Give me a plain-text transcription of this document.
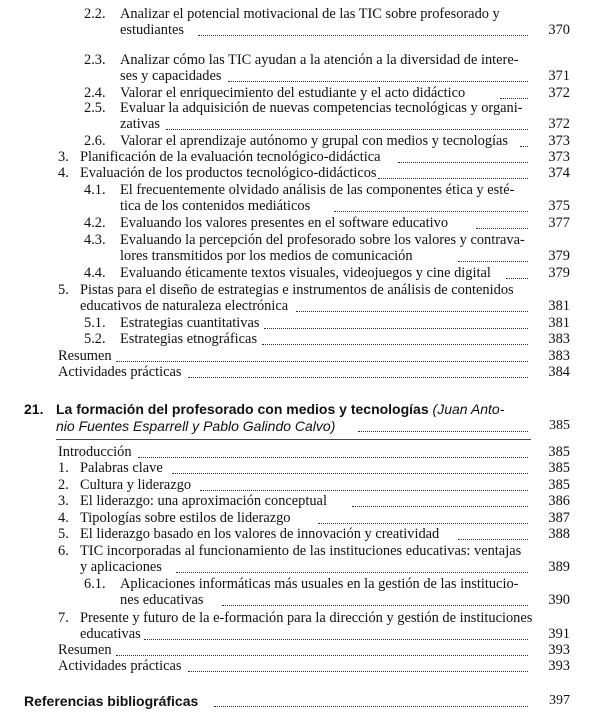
2.2. Analizar el potencial motivacional de las TIC sobre profesorado y
estudiantes	370
2.3. Analizar cómo las TIC ayudan a la atención a la diversidad de intere-
ses y capacidades	371
2.4. Valorar el enriquecimiento del estudiante y el acto didáctico	372
2.5. Evaluar la adquisición de nuevas competencias tecnológicas y organi-
zativas	372
2.6. Valorar el aprendizaje autónomo y grupal con medios y tecnologías	373
3. Planificación de la evaluación tecnológico-didáctica	373
4. Evaluación de los productos tecnológico-didácticos	374
4.1. El frecuentemente olvidado análisis de las componentes ética y esté-
tica de los contenidos mediáticos	375
4.2. Evaluando los valores presentes en el software educativo	377
4.3. Evaluando la percepción del profesorado sobre los valores y contrava-
lores transmitidos por los medios de comunicación	379
4.4. Evaluando éticamente textos visuales, videojuegos y cine digital	379
5. Pistas para el diseño de estrategias e instrumentos de análisis de contenidos
educativos de naturaleza electrónica	381
5.1. Estrategias cuantitativas	381
5.2. Estrategias etnográficas	383
Resumen	383
Actividades prácticas	384
21. La formación del profesorado con medios y tecnologías (Juan Anto-
nio Fuentes Esparrell y Pablo Galindo Calvo)	385
Introducción	385
1. Palabras clave	385
2. Cultura y liderazgo	385
3. El liderazgo: una aproximación conceptual	386
4. Tipologías sobre estilos de liderazgo	387
5. El liderazgo basado en los valores de innovación y creatividad	388
6. TIC incorporadas al funcionamiento de las instituciones educativas: ventajas
y aplicaciones	389
6.1. Aplicaciones informáticas más usuales en la gestión de las institucio-
nes educativas	390
7. Presente y futuro de la e-formación para la dirección y gestión de instituciones
educativas	391
Resumen	393
Actividades prácticas	393
Referencias bibliográficas	397
